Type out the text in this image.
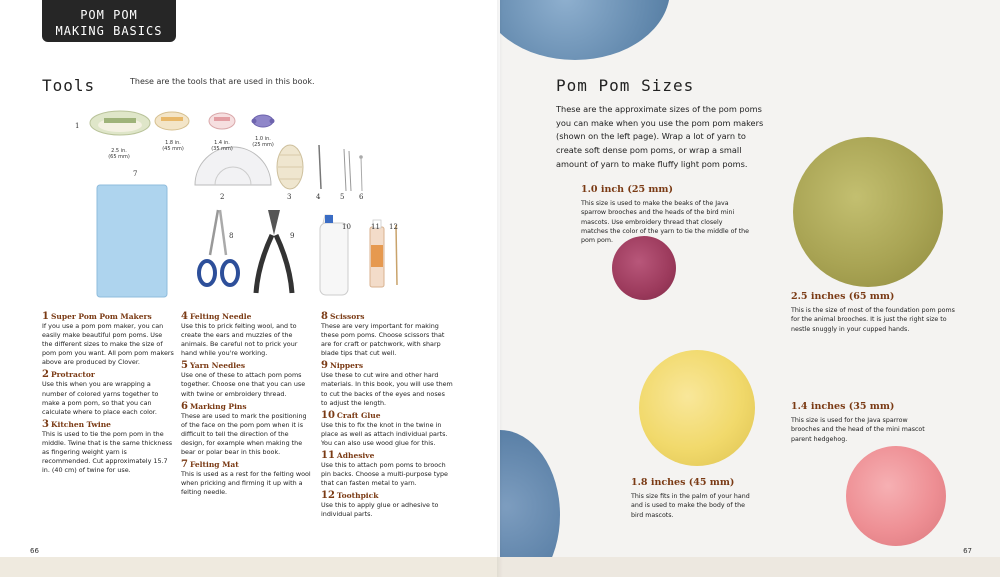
POM POM
MAKING BASICS
Tools	These are the tools that are used in this book.
1
2	3	4	5 6
7
8	9
10	11 12
2.5 in.
(65 mm)
1.8 in.
(45 mm)
1.4 in.
(35 mm)
1.0 in.
(25 mm)

1 Super Pom Pom Makers

If you use a pom pom maker, you can easily make beautiful pom poms. Use the different sizes to make the size of pom pom you want. All pom pom makers above are produced by Clover.

2 Protractor

Use this when you are wrapping a number of colored yarns together to make a pom pom, so that you can calculate where to place each color.

3 Kitchen Twine

This is used to tie the pom pom in the middle. Twine that is the same thickness as fingering weight yarn is recommended. Cut approximately 15.7 in. (40 cm) of twine for use.

4 Felting Needle

Use this to prick felting wool, and to create the ears and muzzles of the animals. Be careful not to prick your hand while you're working.

5 Yarn Needles

Use one of these to attach pom poms together. Choose one that you can use with twine or embroidery thread.

6 Marking Pins

These are used to mark the positioning of the face on the pom pom when it is difficult to tell the direction of the design, for example when making the bear or polar bear in this book.

7 Felting Mat

This is used as a rest for the felting wool when pricking and firming it up with a felting needle.

8 Scissors

These are very important for making these pom poms. Choose scissors that are for craft or patchwork, with sharp blade tips that cut well.

9 Nippers

Use these to cut wire and other hard materials. In this book, you will use them to cut the backs of the eyes and noses to adjust the length.

10 Craft Glue

Use this to fix the knot in the twine in place as well as attach individual parts. You can also use wood glue for this.

11 Adhesive

Use this to attach pom poms to brooch pin backs. Choose a multi-purpose type that can fasten metal to yarn.

12 Toothpick

Use this to apply glue or adhesive to individual parts.

66
Pom Pom Sizes
These are the approximate sizes of the pom poms you can make when you use the pom pom makers (shown on the left page). Wrap a lot of yarn to create soft dense pom poms, or wrap a small amount of yarn to make fluffy light pom poms.

1.0 inch (25 mm)

This size is used to make the beaks of the Java sparrow brooches and the heads of the bird mini mascots. Use embroidery thread that closely matches the color of the yarn to tie the middle of the pom pom.

2.5 inches (65 mm)

This is the size of most of the foundation pom poms for the animal brooches. It is just the right size to nestle snuggly in your cupped hands.

1.4 inches (35 mm)

This size is used for the Java sparrow brooches and the head of the mini mascot parent hedgehog.

1.8 inches (45 mm)

This size fits in the palm of your hand and is used to make the body of the bird mascots.

67
